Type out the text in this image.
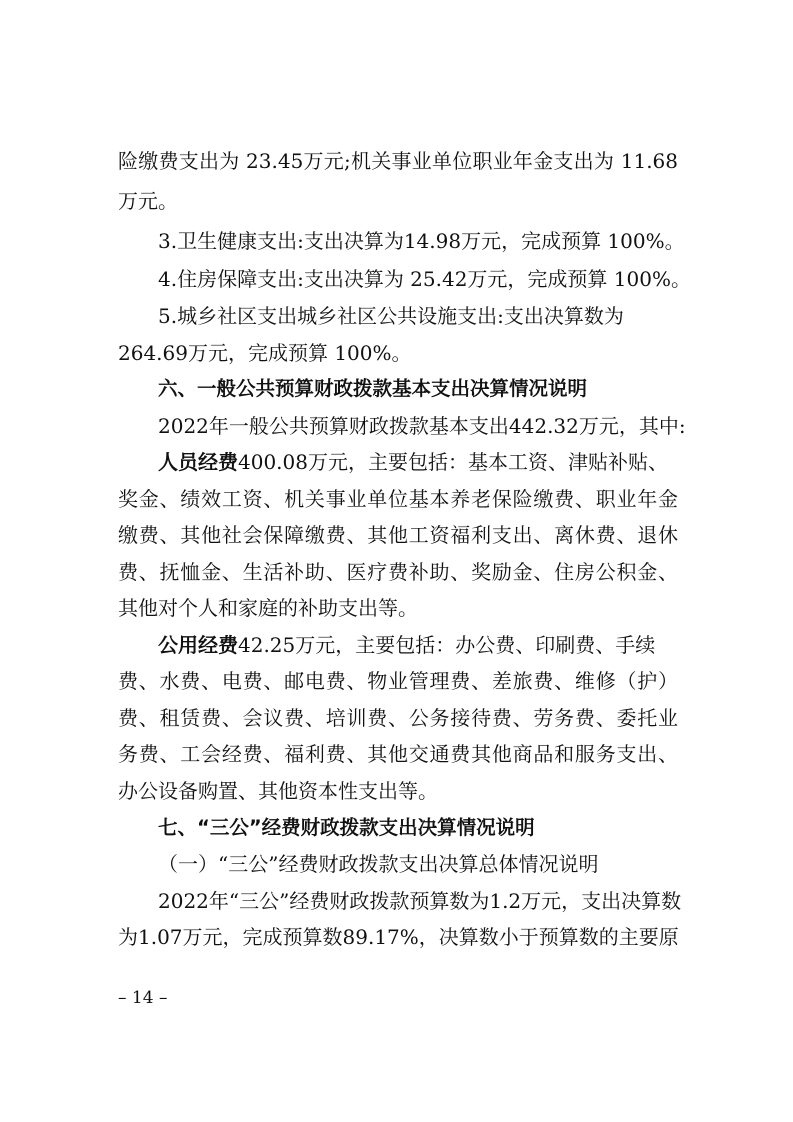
险缴费支出为 23.45万元;机关事业单位职业年金支出为 11.68
万元。
3.卫生健康支出:支出决算为14.98万元，完成预算 100%。
4.住房保障支出:支出决算为 25.42万元，完成预算 100%。
5.城乡社区支出城乡社区公共设施支出:支出决算数为
264.69万元，完成预算 100%。
六、一般公共预算财政拨款基本支出决算情况说明
2022年一般公共预算财政拨款基本支出442.32万元，其中:
人员经费400.08万元，主要包括：基本工资、津贴补贴、
奖金、绩效工资、机关事业单位基本养老保险缴费、职业年金
缴费、其他社会保障缴费、其他工资福利支出、离休费、退休
费、抚恤金、生活补助、医疗费补助、奖励金、住房公积金、
其他对个人和家庭的补助支出等。
公用经费42.25万元，主要包括：办公费、印刷费、手续
费、水费、电费、邮电费、物业管理费、差旅费、维修（护）
费、租赁费、会议费、培训费、公务接待费、劳务费、委托业
务费、工会经费、福利费、其他交通费其他商品和服务支出、
办公设备购置、其他资本性支出等。
七、“三公”经费财政拨款支出决算情况说明
（一）“三公”经费财政拨款支出决算总体情况说明
2022年“三公”经费财政拨款预算数为1.2万元，支出决算数
为1.07万元，完成预算数89.17%，决算数小于预算数的主要原
– 14 –
